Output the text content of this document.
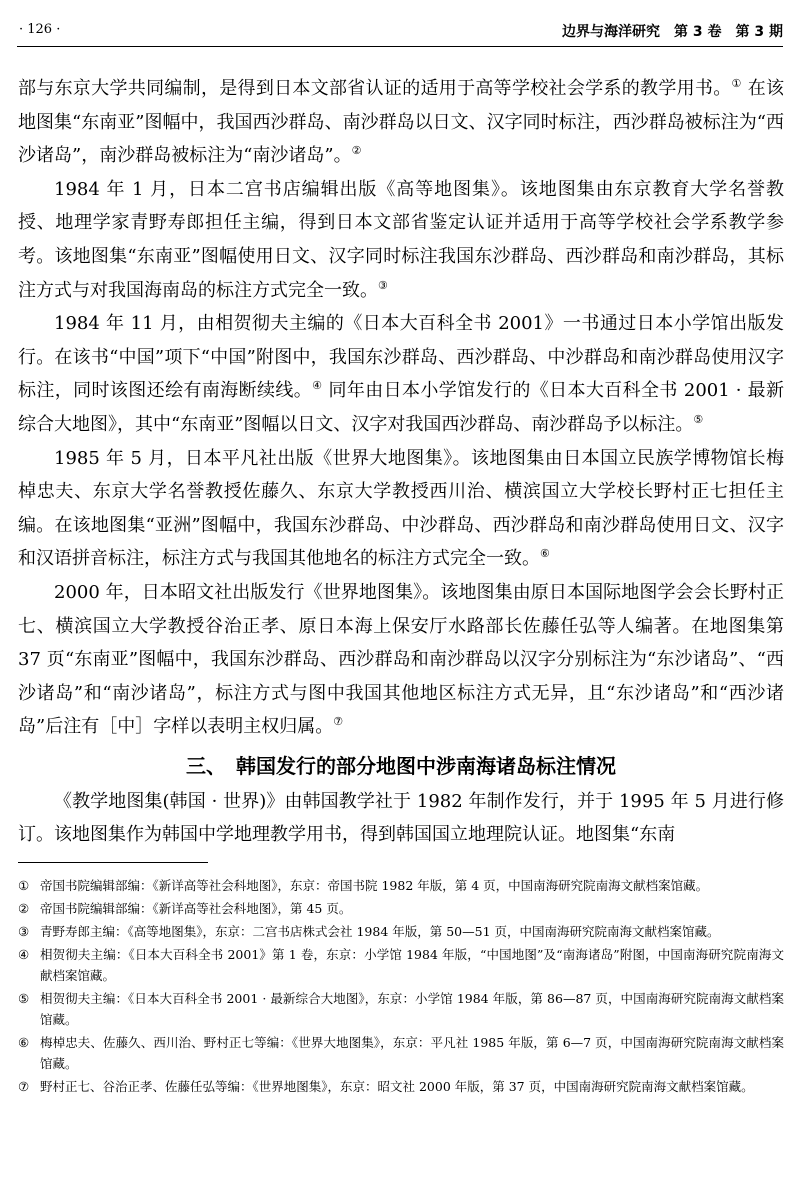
· 126 ·	边界与海洋研究　第 3 卷　第 3 期

部与东京大学共同编制，是得到日本文部省认证的适用于高等学校社会学系的教学用书。① 在该地图集“东南亚”图幅中，我国西沙群岛、南沙群岛以日文、汉字同时标注，西沙群岛被标注为“西沙诸岛”，南沙群岛被标注为“南沙诸岛”。②

1984 年 1 月，日本二宫书店编辑出版《高等地图集》。该地图集由东京教育大学名誉教授、地理学家青野寿郎担任主编，得到日本文部省鉴定认证并适用于高等学校社会学系教学参考。该地图集“东南亚”图幅使用日文、汉字同时标注我国东沙群岛、西沙群岛和南沙群岛，其标注方式与对我国海南岛的标注方式完全一致。③

1984 年 11 月，由相贺彻夫主编的《日本大百科全书 2001》一书通过日本小学馆出版发行。在该书“中国”项下“中国”附图中，我国东沙群岛、西沙群岛、中沙群岛和南沙群岛使用汉字标注，同时该图还绘有南海断续线。④ 同年由日本小学馆发行的《日本大百科全书 2001 · 最新综合大地图》，其中“东南亚”图幅以日文、汉字对我国西沙群岛、南沙群岛予以标注。⑤

1985 年 5 月，日本平凡社出版《世界大地图集》。该地图集由日本国立民族学博物馆长梅棹忠夫、东京大学名誉教授佐藤久、东京大学教授西川治、横滨国立大学校长野村正七担任主编。在该地图集“亚洲”图幅中，我国东沙群岛、中沙群岛、西沙群岛和南沙群岛使用日文、汉字和汉语拼音标注，标注方式与我国其他地名的标注方式完全一致。⑥

2000 年，日本昭文社出版发行《世界地图集》。该地图集由原日本国际地图学会会长野村正七、横滨国立大学教授谷治正孝、原日本海上保安厅水路部长佐藤任弘等人编著。在地图集第 37 页“东南亚”图幅中，我国东沙群岛、西沙群岛和南沙群岛以汉字分别标注为“东沙诸岛”、“西沙诸岛”和“南沙诸岛”，标注方式与图中我国其他地区标注方式无异，且“东沙诸岛”和“西沙诸岛”后注有［中］字样以表明主权归属。⑦

三、　韩国发行的部分地图中涉南海诸岛标注情况

《教学地图集(韩国 · 世界)》由韩国教学社于 1982 年制作发行，并于 1995 年 5 月进行修订。该地图集作为韩国中学地理教学用书，得到韩国国立地理院认证。地图集“东南

① 帝国书院编辑部编：《新详高等社会科地图》，东京：帝国书院 1982 年版，第 4 页，中国南海研究院南海文献档案馆藏。
② 帝国书院编辑部编：《新详高等社会科地图》，第 45 页。
③ 青野寿郎主编：《高等地图集》，东京：二宫书店株式会社 1984 年版，第 50—51 页，中国南海研究院南海文献档案馆藏。
④ 相贺彻夫主编：《日本大百科全书 2001》第 1 卷，东京：小学馆 1984 年版，“中国地图”及“南海诸岛”附图，中国南海研究院南海文献档案馆藏。
⑤ 相贺彻夫主编：《日本大百科全书 2001 · 最新综合大地图》，东京：小学馆 1984 年版，第 86—87 页，中国南海研究院南海文献档案馆藏。
⑥ 梅棹忠夫、佐藤久、西川治、野村正七等编：《世界大地图集》，东京：平凡社 1985 年版，第 6—7 页，中国南海研究院南海文献档案馆藏。
⑦ 野村正七、谷治正孝、佐藤任弘等编：《世界地图集》，东京：昭文社 2000 年版，第 37 页，中国南海研究院南海文献档案馆藏。
